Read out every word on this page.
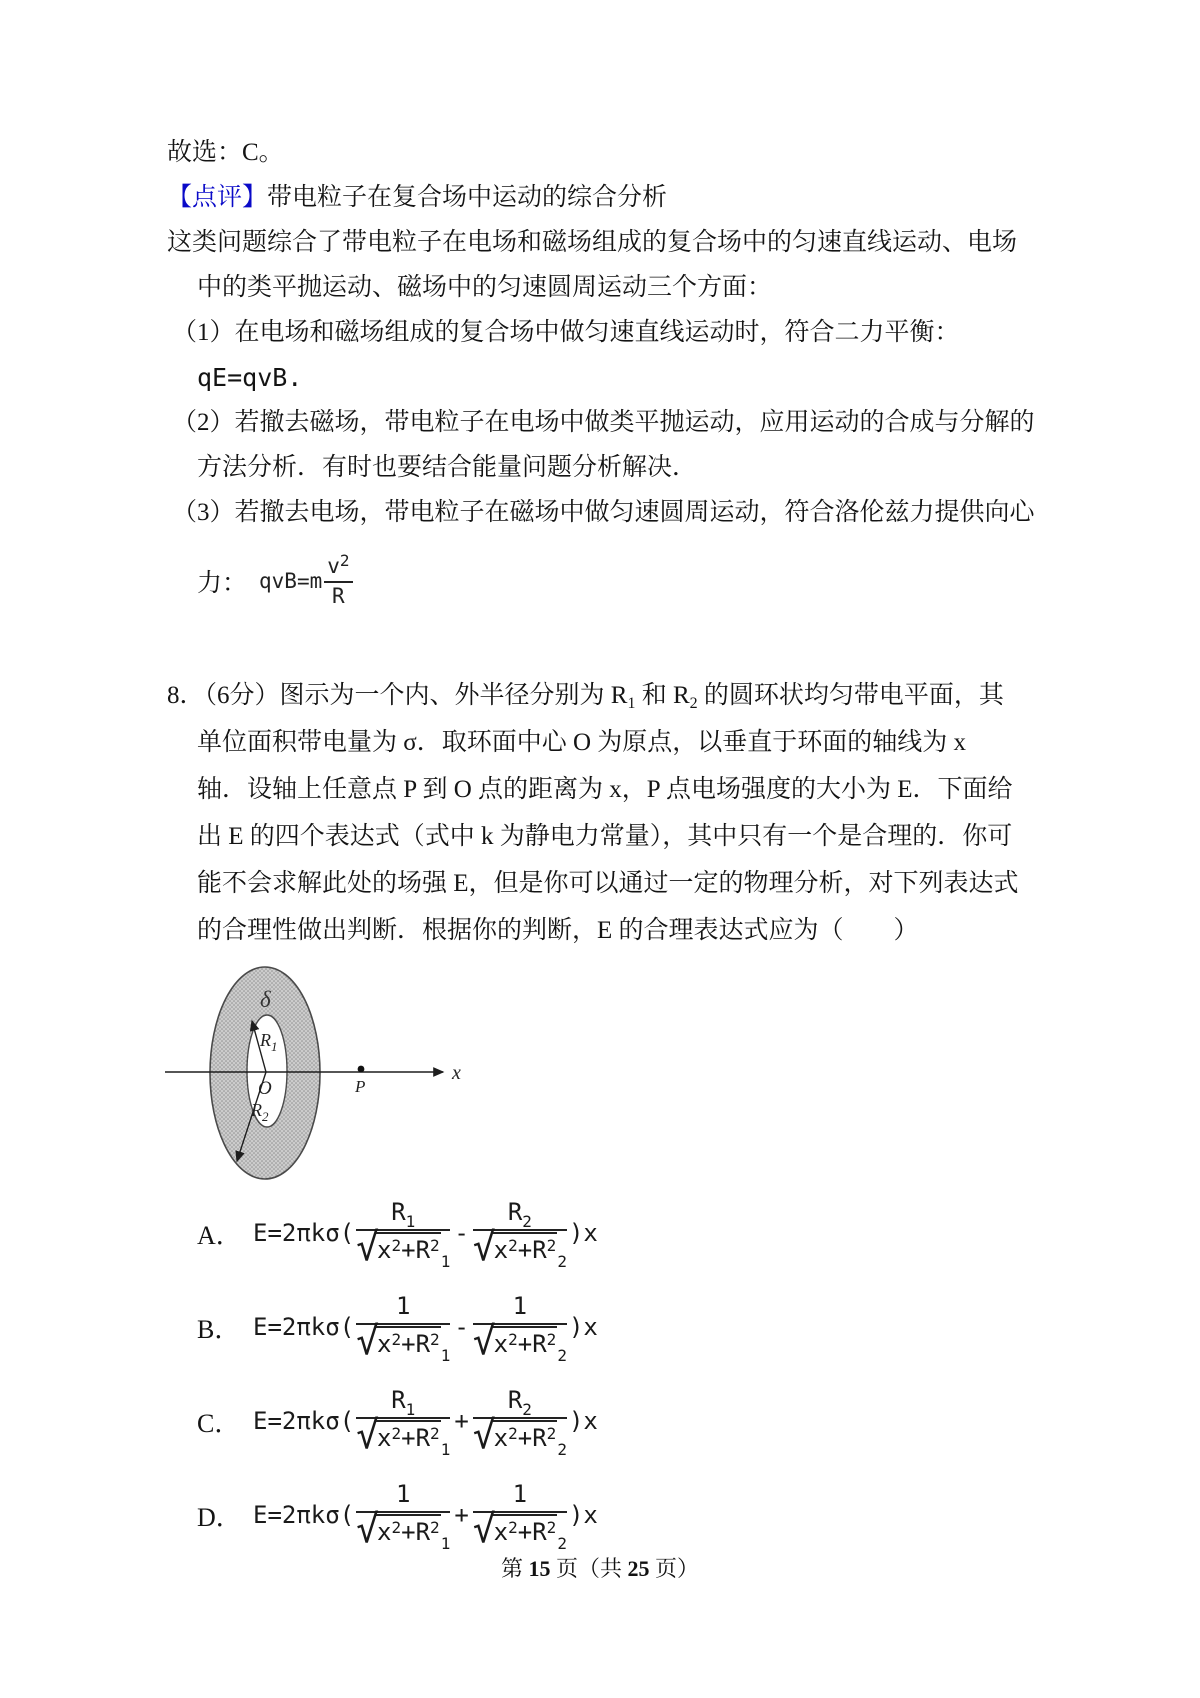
故选：C。

【点评】带电粒子在复合场中运动的综合分析

这类问题综合了带电粒子在电场和磁场组成的复合场中的匀速直线运动、电场

中的类平抛运动、磁场中的匀速圆周运动三个方面：

（1）在电场和磁场组成的复合场中做匀速直线运动时，符合二力平衡：

qE=qvB.

（2）若撤去磁场，带电粒子在电场中做类平抛运动，应用运动的合成与分解的

方法分析．有时也要结合能量问题分析解决．

（3）若撤去电场，带电粒子在磁场中做匀速圆周运动，符合洛伦兹力提供向心

力： $qvB=m \frac{v^2}{R}$

8．（6分）图示为一个内、外半径分别为 $R_1$ 和 $R_2$ 的圆环状均匀带电平面，其

单位面积带电量为 σ．取环面中心 O 为原点，以垂直于环面的轴线为 x

轴．设轴上任意点 P 到 O 点的距离为 x，P 点电场强度的大小为 E．下面给

出 E 的四个表达式（式中 k 为静电力常量），其中只有一个是合理的．你可

能不会求解此处的场强 E，但是你可以通过一定的物理分析，对下列表达式

的合理性做出判断．根据你的判断，E 的合理表达式应为（　　）

δ
$R_1$
$R_2$
O	P
x
A． E=2πkσ( $R_1$
√
$x^2+R^2$
$1 - R_2$
√
$x^2+R^2$
2 )x
B． E=2πkσ( 1
√
$x^2+R^2$
1 - 1
√
$x^2+R^2$
2 )x
C． E=2πkσ( $R_1$
√
$x^2+R^2$
$1 + R_2$
√
$x^2+R^2$
2 )x
D． E=2πkσ( 1
√
$x^2+R^2$
1 + 1
√
$x^2+R^2$
2 )x
第 15 页（共 25 页）
